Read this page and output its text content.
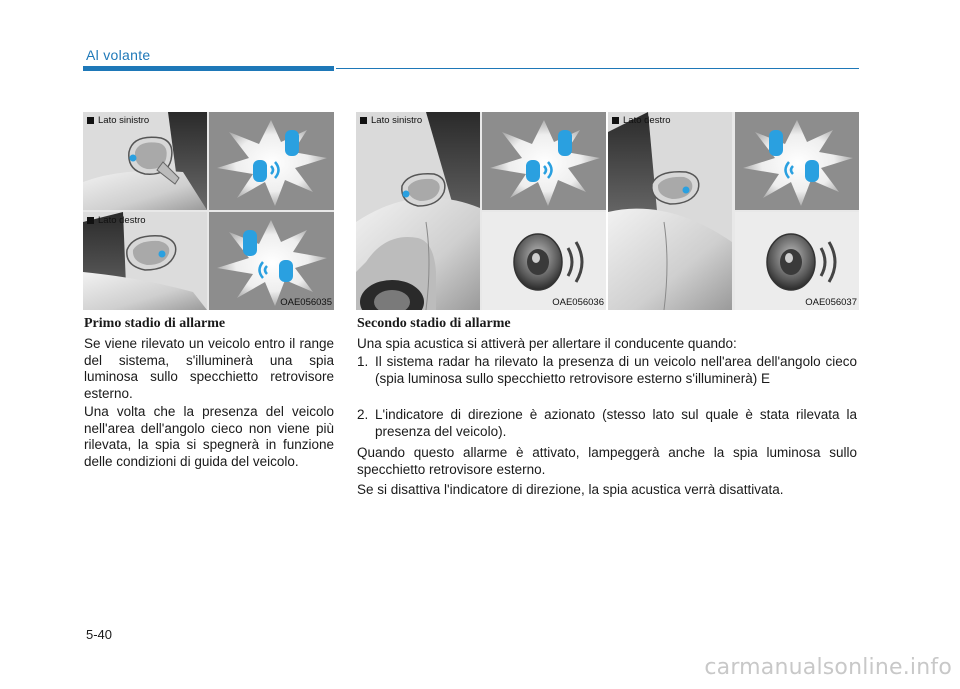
Al volante
Lato sinistro
Lato destro
OAE056035
Lato sinistro
OAE056036
Lato destro
OAE056037
Primo stadio di allarme

Se viene rilevato un veicolo entro il range del sistema, s'illuminerà una spia luminosa sullo specchietto retrovisore esterno.

Una volta che la presenza del veicolo nell'area dell'angolo cieco non viene più rilevata, la spia si spegnerà in funzione delle condizioni di guida del veicolo.

Secondo stadio di allarme

Una spia acustica si attiverà per allertare il conducente quando:

1. Il sistema radar ha rilevato la presenza di un veicolo nell'area dell'angolo cieco (spia luminosa sullo specchietto retrovisore esterno s'illuminerà) E
2. L'indicatore di direzione è azionato (stesso lato sul quale è stata rilevata la presenza del veicolo).

Quando questo allarme è attivato, lampeggerà anche la spia luminosa sullo specchietto retrovisore esterno.

Se si disattiva l'indicatore di direzione, la spia acustica verrà disattivata.

5-40
carmanualsonline.info
